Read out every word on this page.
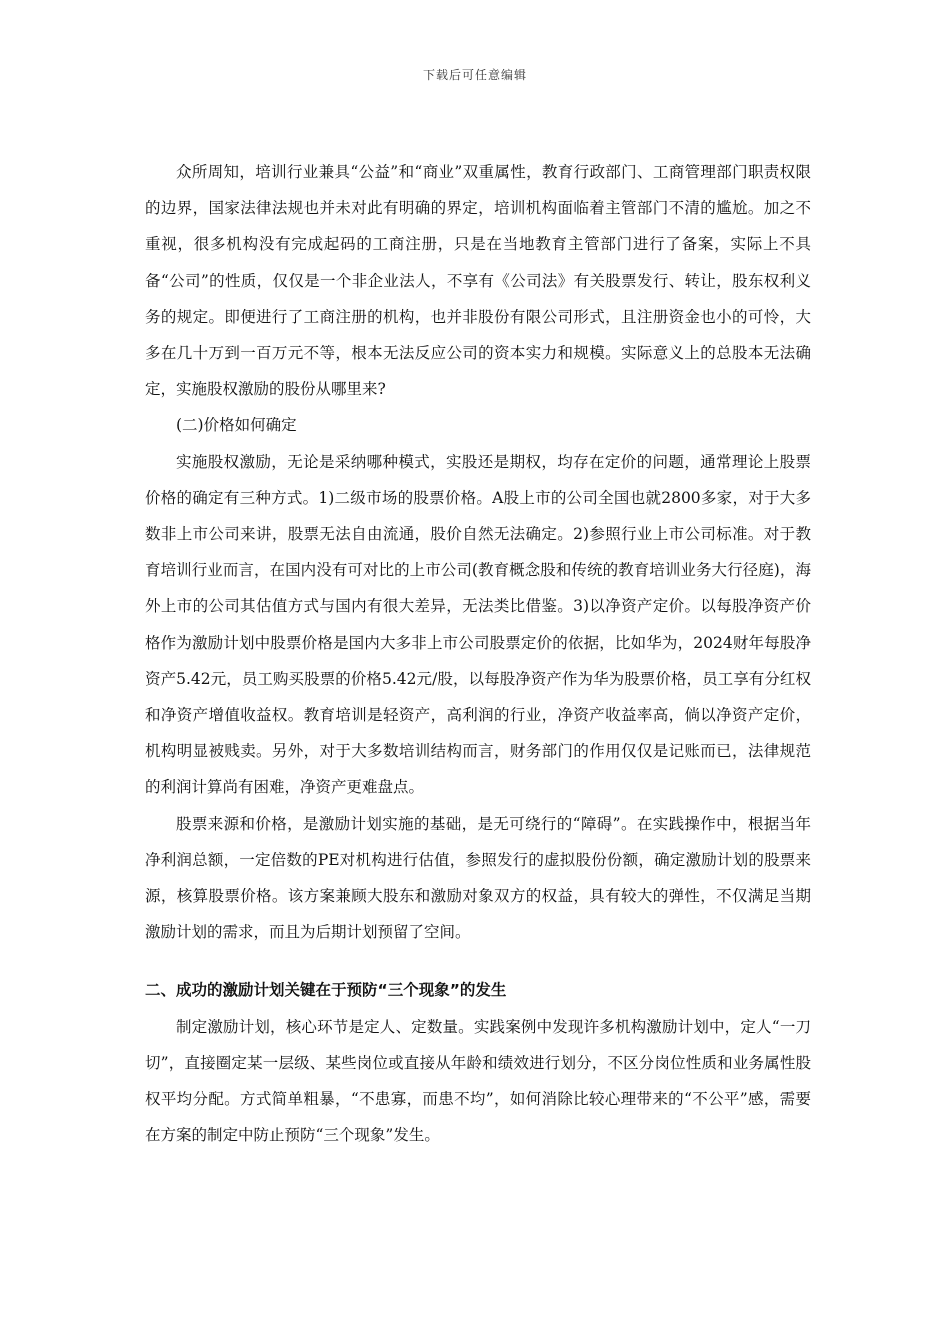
下载后可任意编辑

众所周知，培训行业兼具“公益”和“商业”双重属性，教育行政部门、工商管理部门职责权限的边界，国家法律法规也并未对此有明确的界定，培训机构面临着主管部门不清的尴尬。加之不重视，很多机构没有完成起码的工商注册，只是在当地教育主管部门进行了备案，实际上不具备“公司”的性质，仅仅是一个非企业法人，不享有《公司法》有关股票发行、转让，股东权利义务的规定。即便进行了工商注册的机构，也并非股份有限公司形式，且注册资金也小的可怜，大多在几十万到一百万元不等，根本无法反应公司的资本实力和规模。实际意义上的总股本无法确定，实施股权激励的股份从哪里来?

(二)价格如何确定

实施股权激励，无论是采纳哪种模式，实股还是期权，均存在定价的问题，通常理论上股票价格的确定有三种方式。1)二级市场的股票价格。A股上市的公司全国也就2800多家，对于大多数非上市公司来讲，股票无法自由流通，股价自然无法确定。2)参照行业上市公司标准。对于教育培训行业而言，在国内没有可对比的上市公司(教育概念股和传统的教育培训业务大行径庭)，海外上市的公司其估值方式与国内有很大差异，无法类比借鉴。3)以净资产定价。以每股净资产价格作为激励计划中股票价格是国内大多非上市公司股票定价的依据，比如华为，2024财年每股净资产5.42元，员工购买股票的价格5.42元/股，以每股净资产作为华为股票价格，员工享有分红权和净资产增值收益权。教育培训是轻资产，高利润的行业，净资产收益率高，倘以净资产定价，机构明显被贱卖。另外，对于大多数培训结构而言，财务部门的作用仅仅是记账而已，法律规范的利润计算尚有困难，净资产更难盘点。

股票来源和价格，是激励计划实施的基础，是无可绕行的“障碍”。在实践操作中，根据当年净利润总额，一定倍数的PE对机构进行估值，参照发行的虚拟股份份额，确定激励计划的股票来源，核算股票价格。该方案兼顾大股东和激励对象双方的权益，具有较大的弹性，不仅满足当期激励计划的需求，而且为后期计划预留了空间。

二、成功的激励计划关键在于预防“三个现象”的发生

制定激励计划，核心环节是定人、定数量。实践案例中发现许多机构激励计划中，定人“一刀切”，直接圈定某一层级、某些岗位或直接从年龄和绩效进行划分，不区分岗位性质和业务属性股权平均分配。方式简单粗暴，“不患寡，而患不均”，如何消除比较心理带来的“不公平”感，需要在方案的制定中防止预防“三个现象”发生。
